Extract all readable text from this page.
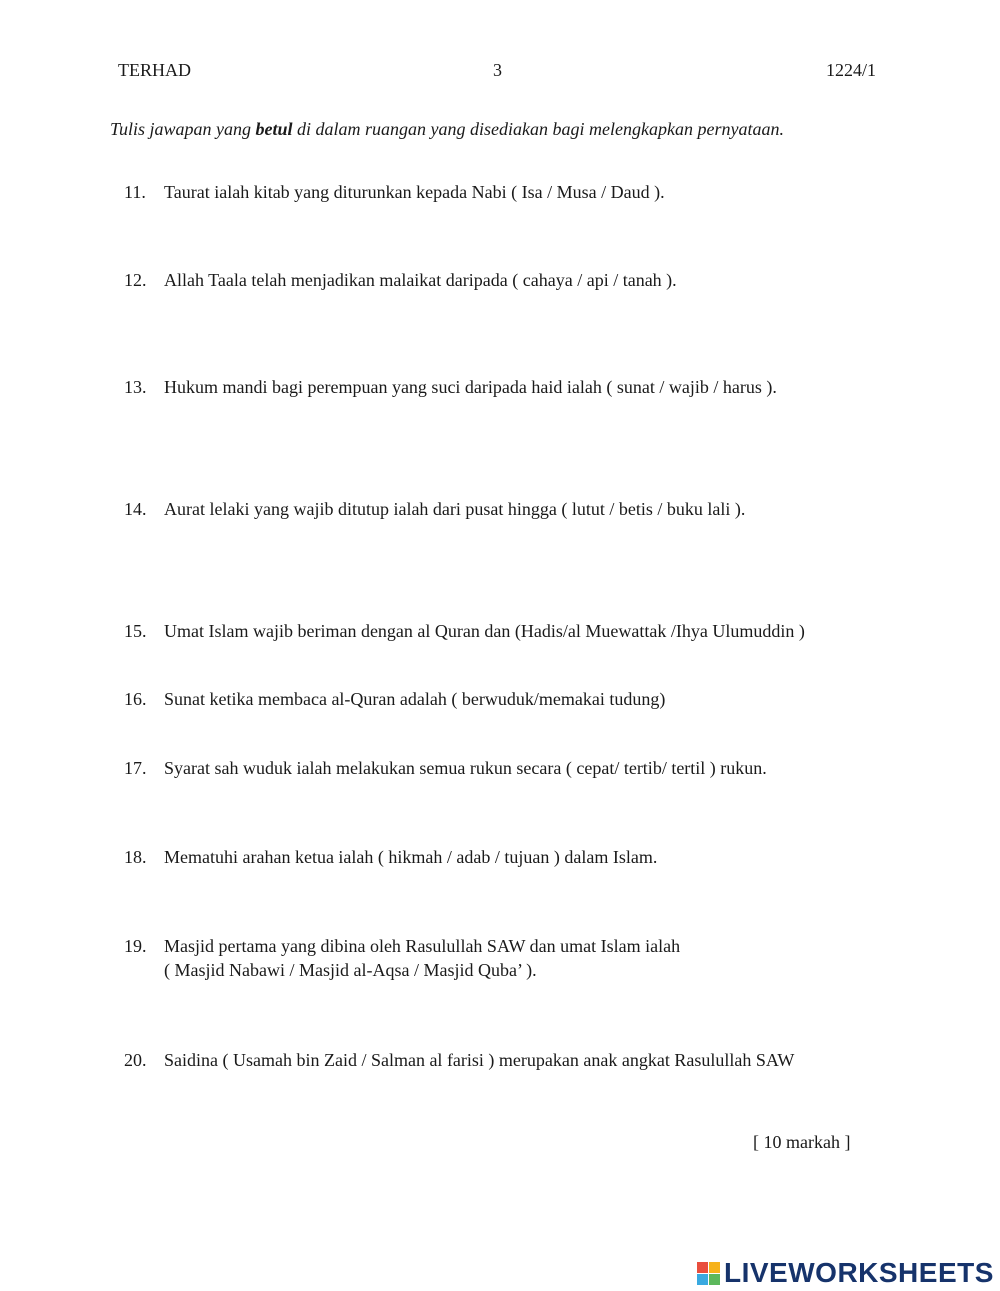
TERHAD	3	1224/1
Tulis jawapan yang betul di dalam ruangan yang disediakan bagi melengkapkan pernyataan.
11. Taurat ialah kitab yang diturunkan kepada Nabi ( Isa / Musa / Daud ).
12. Allah Taala telah menjadikan malaikat daripada ( cahaya / api / tanah ).
13. Hukum mandi bagi perempuan yang suci daripada haid ialah ( sunat / wajib / harus ).
14. Aurat lelaki yang wajib ditutup ialah dari pusat hingga ( lutut / betis / buku lali ).
15. Umat Islam wajib beriman dengan al Quran dan (Hadis/al Muewattak /Ihya Ulumuddin )
16. Sunat ketika membaca al-Quran adalah ( berwuduk/memakai tudung)
17. Syarat sah wuduk ialah melakukan semua rukun secara ( cepat/ tertib/ tertil ) rukun.
18. Mematuhi arahan ketua ialah ( hikmah / adab / tujuan ) dalam Islam.
19. Masjid pertama yang dibina oleh Rasulullah SAW dan umat Islam ialah
( Masjid Nabawi / Masjid al-Aqsa / Masjid Quba’ ).
20. Saidina ( Usamah bin Zaid / Salman al farisi ) merupakan anak angkat Rasulullah SAW
[ 10 markah ]
LIVEWORKSHEETS
